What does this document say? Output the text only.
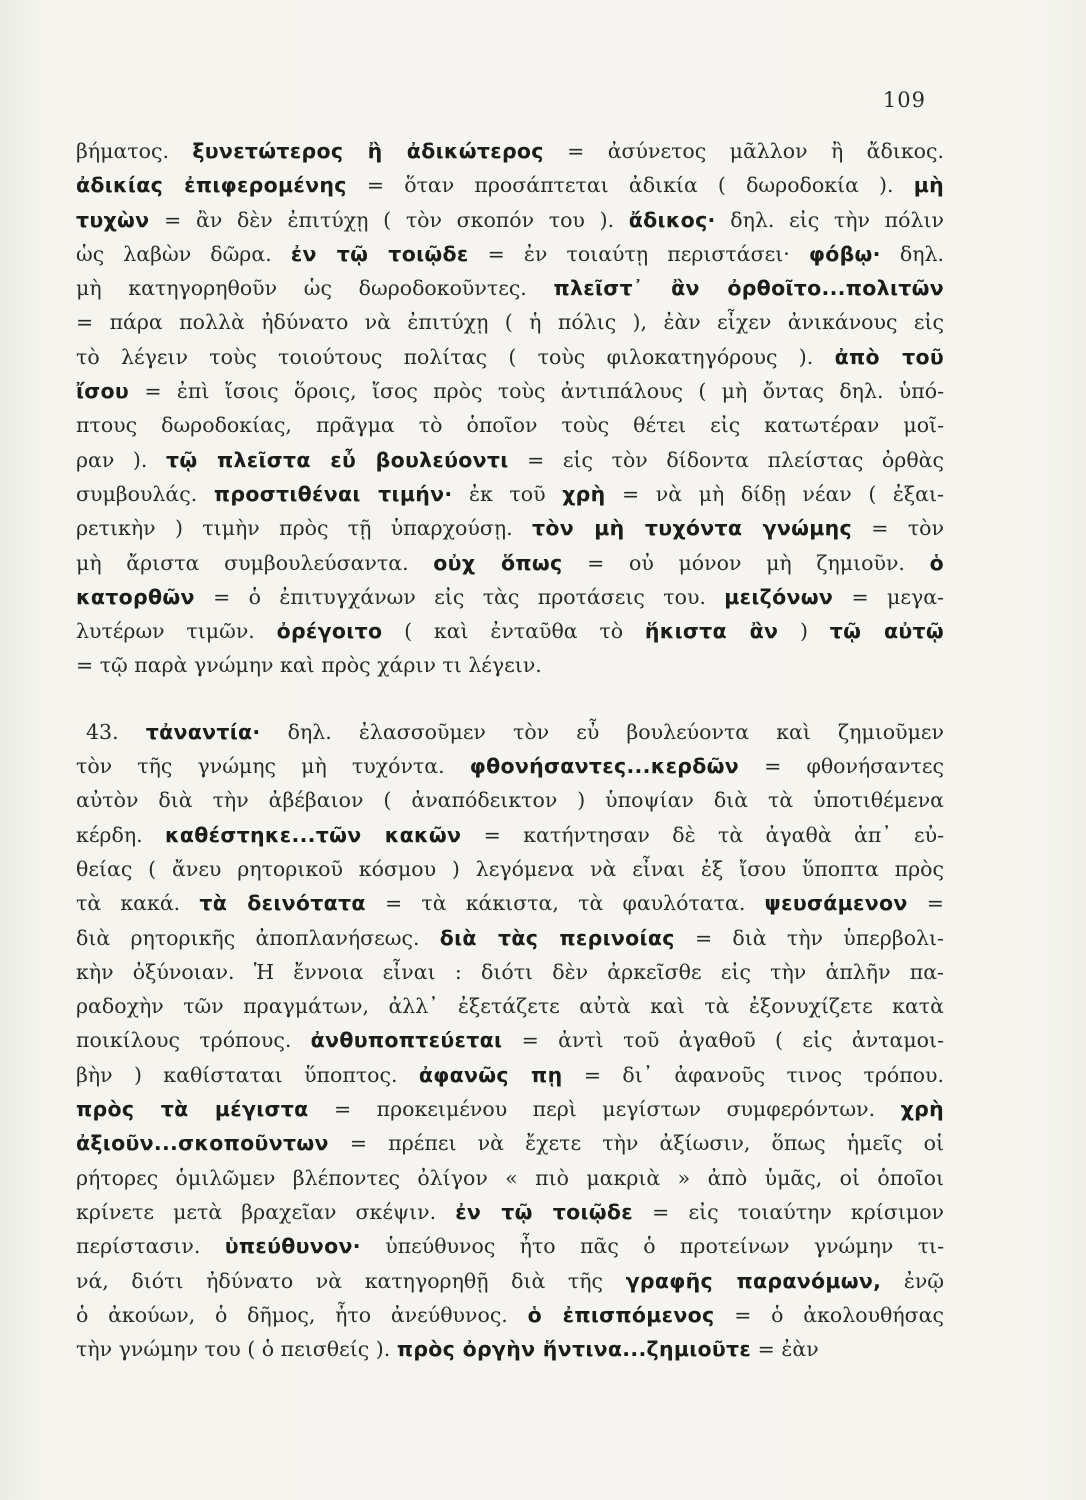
109
βήματος. ξυνετώτερος ἢ ἀδικώτερος = ἀσύνετος μᾶλλον ἢ ἄδικος.
ἀδικίας ἐπιφερομένης = ὅταν προσάπτεται ἀδικία ( δωροδοκία ). μὴ
τυχὼν = ἂν δὲν ἐπιτύχῃ ( τὸν σκοπόν του ). ἄδικος· δηλ. εἰς τὴν πόλιν
ὡς λαβὼν δῶρα. ἐν τῷ τοιῷδε = ἐν τοιαύτῃ περιστάσει· φόβῳ· δηλ.
μὴ κατηγορηθοῦν ὡς δωροδοκοῦντες. πλεῖστ᾽ ἂν ὀρθοῖτο...πολιτῶν
= πάρα πολλὰ ἠδύνατο νὰ ἐπιτύχῃ ( ἡ πόλις ), ἐὰν εἶχεν ἀνικάνους εἰς
τὸ λέγειν τοὺς τοιούτους πολίτας ( τοὺς φιλοκατηγόρους ). ἀπὸ τοῦ
ἴσου = ἐπὶ ἴσοις ὅροις, ἴσος πρὸς τοὺς ἀντιπάλους ( μὴ ὄντας δηλ. ὑπό-
πτους δωροδοκίας, πρᾶγμα τὸ ὁποῖον τοὺς θέτει εἰς κατωτέραν μοῖ-
ραν ). τῷ πλεῖστα εὖ βουλεύοντι = εἰς τὸν δίδοντα πλείστας ὀρθὰς
συμβουλάς. προστιθέναι τιμήν· ἐκ τοῦ χρὴ = νὰ μὴ δίδῃ νέαν ( ἐξαι-
ρετικὴν ) τιμὴν πρὸς τῇ ὑπαρχούσῃ. τὸν μὴ τυχόντα γνώμης = τὸν
μὴ ἄριστα συμβουλεύσαντα. οὐχ ὅπως = οὐ μόνον μὴ ζημιοῦν. ὁ
κατορθῶν = ὁ ἐπιτυγχάνων εἰς τὰς προτάσεις του. μειζόνων = μεγα-
λυτέρων τιμῶν. ὀρέγοιτο ( καὶ ἐνταῦθα τὸ ἥκιστα ἂν ) τῷ αὐτῷ
= τῷ παρὰ γνώμην καὶ πρὸς χάριν τι λέγειν.
43. τἀναντία· δηλ. ἐλασσοῦμεν τὸν εὖ βουλεύοντα καὶ ζημιοῦμεν
τὸν τῆς γνώμης μὴ τυχόντα. φθονήσαντες...κερδῶν = φθονήσαντες
αὐτὸν διὰ τὴν ἀβέβαιον ( ἀναπόδεικτον ) ὑποψίαν διὰ τὰ ὑποτιθέμενα
κέρδη. καθέστηκε...τῶν κακῶν = κατήντησαν δὲ τὰ ἀγαθὰ ἀπ᾽ εὐ-
θείας ( ἄνευ ρητορικοῦ κόσμου ) λεγόμενα νὰ εἶναι ἐξ ἴσου ὕποπτα πρὸς
τὰ κακά. τὰ δεινότατα = τὰ κάκιστα, τὰ φαυλότατα. ψευσάμενον =
διὰ ρητορικῆς ἀποπλανήσεως. διὰ τὰς περινοίας = διὰ τὴν ὑπερβολι-
κὴν ὀξύνοιαν. Ἡ ἔννοια εἶναι : διότι δὲν ἀρκεῖσθε εἰς τὴν ἁπλῆν πα-
ραδοχὴν τῶν πραγμάτων, ἀλλ᾽ ἐξετάζετε αὐτὰ καὶ τὰ ἐξονυχίζετε κατὰ
ποικίλους τρόπους. ἀνθυποπτεύεται = ἀντὶ τοῦ ἀγαθοῦ ( εἰς ἀνταμοι-
βὴν ) καθίσταται ὕποπτος. ἀφανῶς πῃ = δι᾽ ἀφανοῦς τινος τρόπου.
πρὸς τὰ μέγιστα = προκειμένου περὶ μεγίστων συμφερόντων. χρὴ
ἀξιοῦν...σκοποῦντων = πρέπει νὰ ἔχετε τὴν ἀξίωσιν, ὅπως ἡμεῖς οἱ
ρήτορες ὁμιλῶμεν βλέποντες ὀλίγον « πιὸ μακριὰ » ἀπὸ ὑμᾶς, οἱ ὁποῖοι
κρίνετε μετὰ βραχεῖαν σκέψιν. ἐν τῷ τοιῷδε = εἰς τοιαύτην κρίσιμον
περίστασιν. ὑπεύθυνον· ὑπεύθυνος ἦτο πᾶς ὁ προτείνων γνώμην τι-
νά, διότι ἠδύνατο νὰ κατηγορηθῇ διὰ τῆς γραφῆς παρανόμων, ἐνῷ
ὁ ἀκούων, ὁ δῆμος, ἦτο ἀνεύθυνος. ὁ ἐπισπόμενος = ὁ ἀκολουθήσας
τὴν γνώμην του ( ὁ πεισθείς ). πρὸς ὀργὴν ἥντινα...ζημιοῦτε = ἐὰν
